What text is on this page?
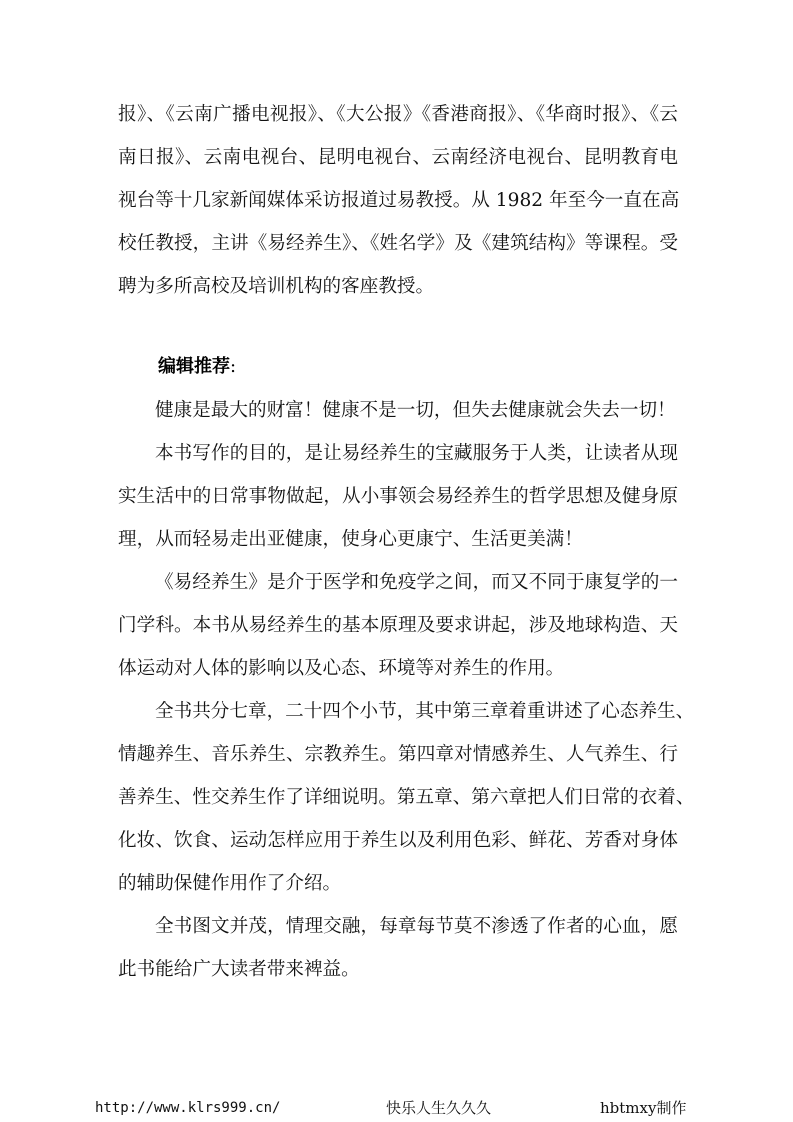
报》、《云南广播电视报》、《大公报》《香港商报》、《华商时报》、《云
南日报》、云南电视台、昆明电视台、云南经济电视台、昆明教育电
视台等十几家新闻媒体采访报道过易教授。从 1982 年至今一直在高
校任教授，主讲《易经养生》、《姓名学》及《建筑结构》等课程。受
聘为多所高校及培训机构的客座教授。
编辑推荐:
健康是最大的财富！健康不是一切，但失去健康就会失去一切！
本书写作的目的，是让易经养生的宝藏服务于人类，让读者从现
实生活中的日常事物做起，从小事领会易经养生的哲学思想及健身原
理，从而轻易走出亚健康，使身心更康宁、生活更美满！
《易经养生》是介于医学和免疫学之间，而又不同于康复学的一
门学科。本书从易经养生的基本原理及要求讲起，涉及地球构造、天
体运动对人体的影响以及心态、环境等对养生的作用。
全书共分七章，二十四个小节，其中第三章着重讲述了心态养生、
情趣养生、音乐养生、宗教养生。第四章对情感养生、人气养生、行
善养生、性交养生作了详细说明。第五章、第六章把人们日常的衣着、
化妆、饮食、运动怎样应用于养生以及利用色彩、鲜花、芳香对身体
的辅助保健作用作了介绍。
全书图文并茂，情理交融，每章每节莫不渗透了作者的心血，愿
此书能给广大读者带来裨益。
http://www.klrs999.cn/	快乐人生久久久	hbtmxy制作
